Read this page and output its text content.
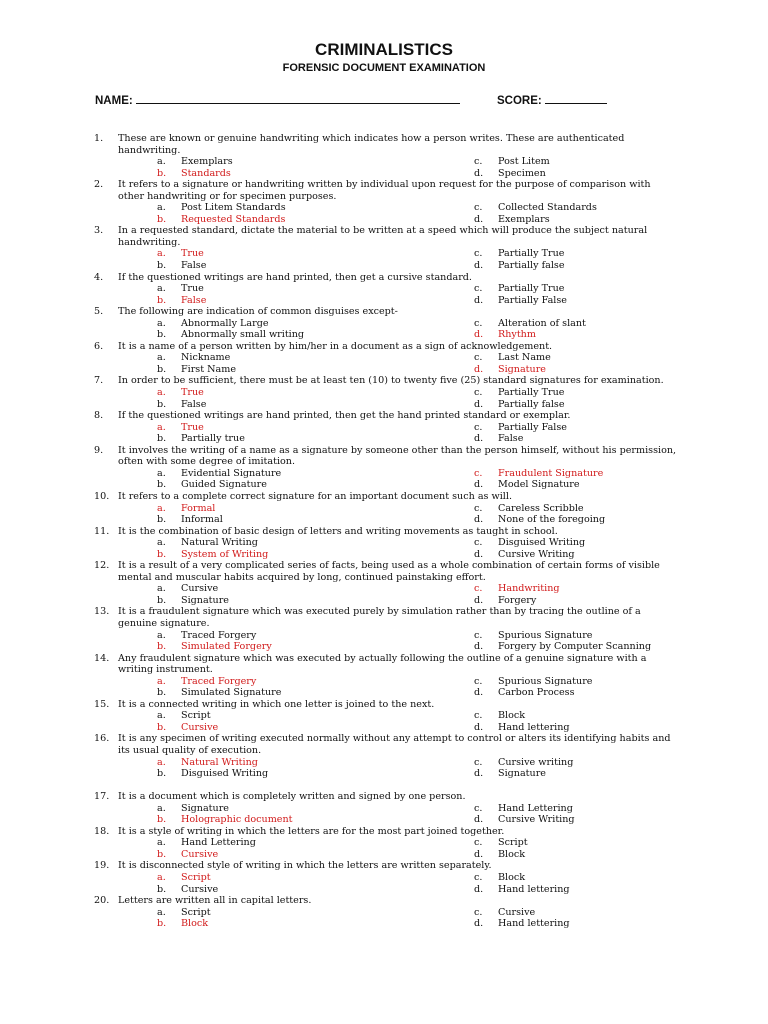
CRIMINALISTICS
FORENSIC DOCUMENT EXAMINATION
NAME:	SCORE:
1. These are known or genuine handwriting which indicates how a person writes. These are authenticated handwriting.
a. Exemplars	c. Post Litem
b. Standards	d. Specimen
2. It refers to a signature or handwriting written by individual upon request for the purpose of comparison with other handwriting or for specimen purposes.
a. Post Litem Standards	c. Collected Standards
b. Requested Standards	d. Exemplars
3. In a requested standard, dictate the material to be written at a speed which will produce the subject natural handwriting.
a. True	c. Partially True
b. False	d. Partially false
4. If the questioned writings are hand printed, then get a cursive standard.
a. True	c. Partially True
b. False	d. Partially False
5. The following are indication of common disguises except-
a. Abnormally Large	c. Alteration of slant
b. Abnormally small writing	d. Rhythm
6. It is a name of a person written by him/her in a document as a sign of acknowledgement.
a. Nickname	c. Last Name
b. First Name	d. Signature
7. In order to be sufficient, there must be at least ten (10) to twenty five (25) standard signatures for examination.
a. True	c. Partially True
b. False	d. Partially false
8. If the questioned writings are hand printed, then get the hand printed standard or exemplar.
a. True	c. Partially False
b. Partially true	d. False
9. It involves the writing of a name as a signature by someone other than the person himself, without his permission, often with some degree of imitation.
a. Evidential Signature	c. Fraudulent Signature
b. Guided Signature	d. Model Signature
10. It refers to a complete correct signature for an important document such as will.
a. Formal	c. Careless Scribble
b. Informal	d. None of the foregoing
11. It is the combination of basic design of letters and writing movements as taught in school.
a. Natural Writing	c. Disguised Writing
b. System of Writing	d. Cursive Writing
12. It is a result of a very complicated series of facts, being used as a whole combination of certain forms of visible mental and muscular habits acquired by long, continued painstaking effort.
a. Cursive	c. Handwriting
b. Signature	d. Forgery
13. It is a fraudulent signature which was executed purely by simulation rather than by tracing the outline of a genuine signature.
a. Traced Forgery	c. Spurious Signature
b. Simulated Forgery	d. Forgery by Computer Scanning
14. Any fraudulent signature which was executed by actually following the outline of a genuine signature with a writing instrument.
a. Traced Forgery	c. Spurious Signature
b. Simulated Signature	d. Carbon Process
15. It is a connected writing in which one letter is joined to the next.
a. Script	c. Block
b. Cursive	d. Hand lettering
16. It is any specimen of writing executed normally without any attempt to control or alters its identifying habits and its usual quality of execution.
a. Natural Writing	c. Cursive writing
b. Disguised Writing	d. Signature
17. It is a document which is completely written and signed by one person.
a. Signature	c. Hand Lettering
b. Holographic document	d. Cursive Writing
18. It is a style of writing in which the letters are for the most part joined together.
a. Hand Lettering	c. Script
b. Cursive	d. Block
19. It is disconnected style of writing in which the letters are written separately.
a. Script	c. Block
b. Cursive	d. Hand lettering
20. Letters are written all in capital letters.
a. Script	c. Cursive
b. Block	d. Hand lettering
